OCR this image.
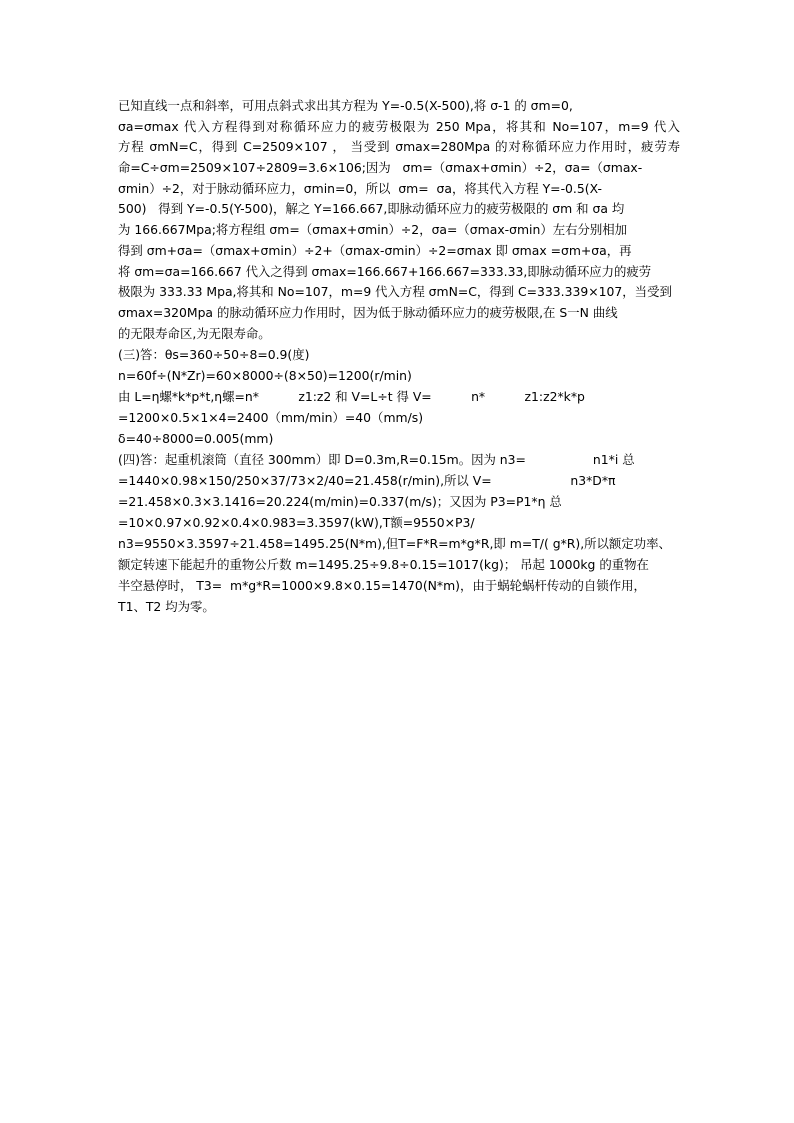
已知直线一点和斜率，可用点斜式求出其方程为 Y=-0.5(X-500),将 σ-1 的 σm=0,
σa=σmax 代入方程得到对称循环应力的疲劳极限为 250 Mpa，将其和 No=107，m=9 代入
方程 σmN=C，得到 C=2509×107 ， 当受到 σmax=280Mpa 的对称循环应力作用时，疲劳寿
命=C÷σm=2509×107÷2809=3.6×106;因为   σm=（σmax+σmin）÷2，σa=（σmax-
σmin）÷2，对于脉动循环应力，σmin=0，所以  σm=  σa，将其代入方程 Y=-0.5(X-
500)   得到 Y=-0.5(Y-500)，解之 Y=166.667,即脉动循环应力的疲劳极限的 σm 和 σa 均
为 166.667Mpa;将方程组 σm=（σmax+σmin）÷2，σa=（σmax-σmin）左右分别相加
得到 σm+σa=（σmax+σmin）÷2+（σmax-σmin）÷2=σmax 即 σmax =σm+σa，再
将 σm=σa=166.667 代入之得到 σmax=166.667+166.667=333.33,即脉动循环应力的疲劳
极限为 333.33 Mpa,将其和 No=107，m=9 代入方程 σmN=C，得到 C=333.339×107，当受到
σmax=320Mpa 的脉动循环应力作用时，因为低于脉动循环应力的疲劳极限,在 S一N 曲线
的无限寿命区,为无限寿命。
(三)答：θs=360÷50÷8=0.9(度)
n=60f÷(N*Zr)=60×8000÷(8×50)=1200(r/min)
由 L=η螺*k*p*t,η螺=n*          z1:z2 和 V=L÷t 得 V=          n*          z1:z2*k*p
=1200×0.5×1×4=2400（mm/min）=40（mm/s)
δ=40÷8000=0.005(mm)
(四)答：起重机滚筒（直径 300mm）即 D=0.3m,R=0.15m。因为 n3=                 n1*i 总
=1440×0.98×150/250×37/73×2/40=21.458(r/min),所以 V=                    n3*D*π
=21.458×0.3×3.1416=20.224(m/min)=0.337(m/s)；又因为 P3=P1*η 总
=10×0.97×0.92×0.4×0.983=3.3597(kW),T额=9550×P3/
n3=9550×3.3597÷21.458=1495.25(N*m),但T=F*R=m*g*R,即 m=T/( g*R),所以额定功率、
额定转速下能起升的重物公斤数 m=1495.25÷9.8÷0.15=1017(kg)； 吊起 1000kg 的重物在
半空悬停时， T3=  m*g*R=1000×9.8×0.15=1470(N*m)，由于蜗轮蜗杆传动的自锁作用，
T1、T2 均为零。
